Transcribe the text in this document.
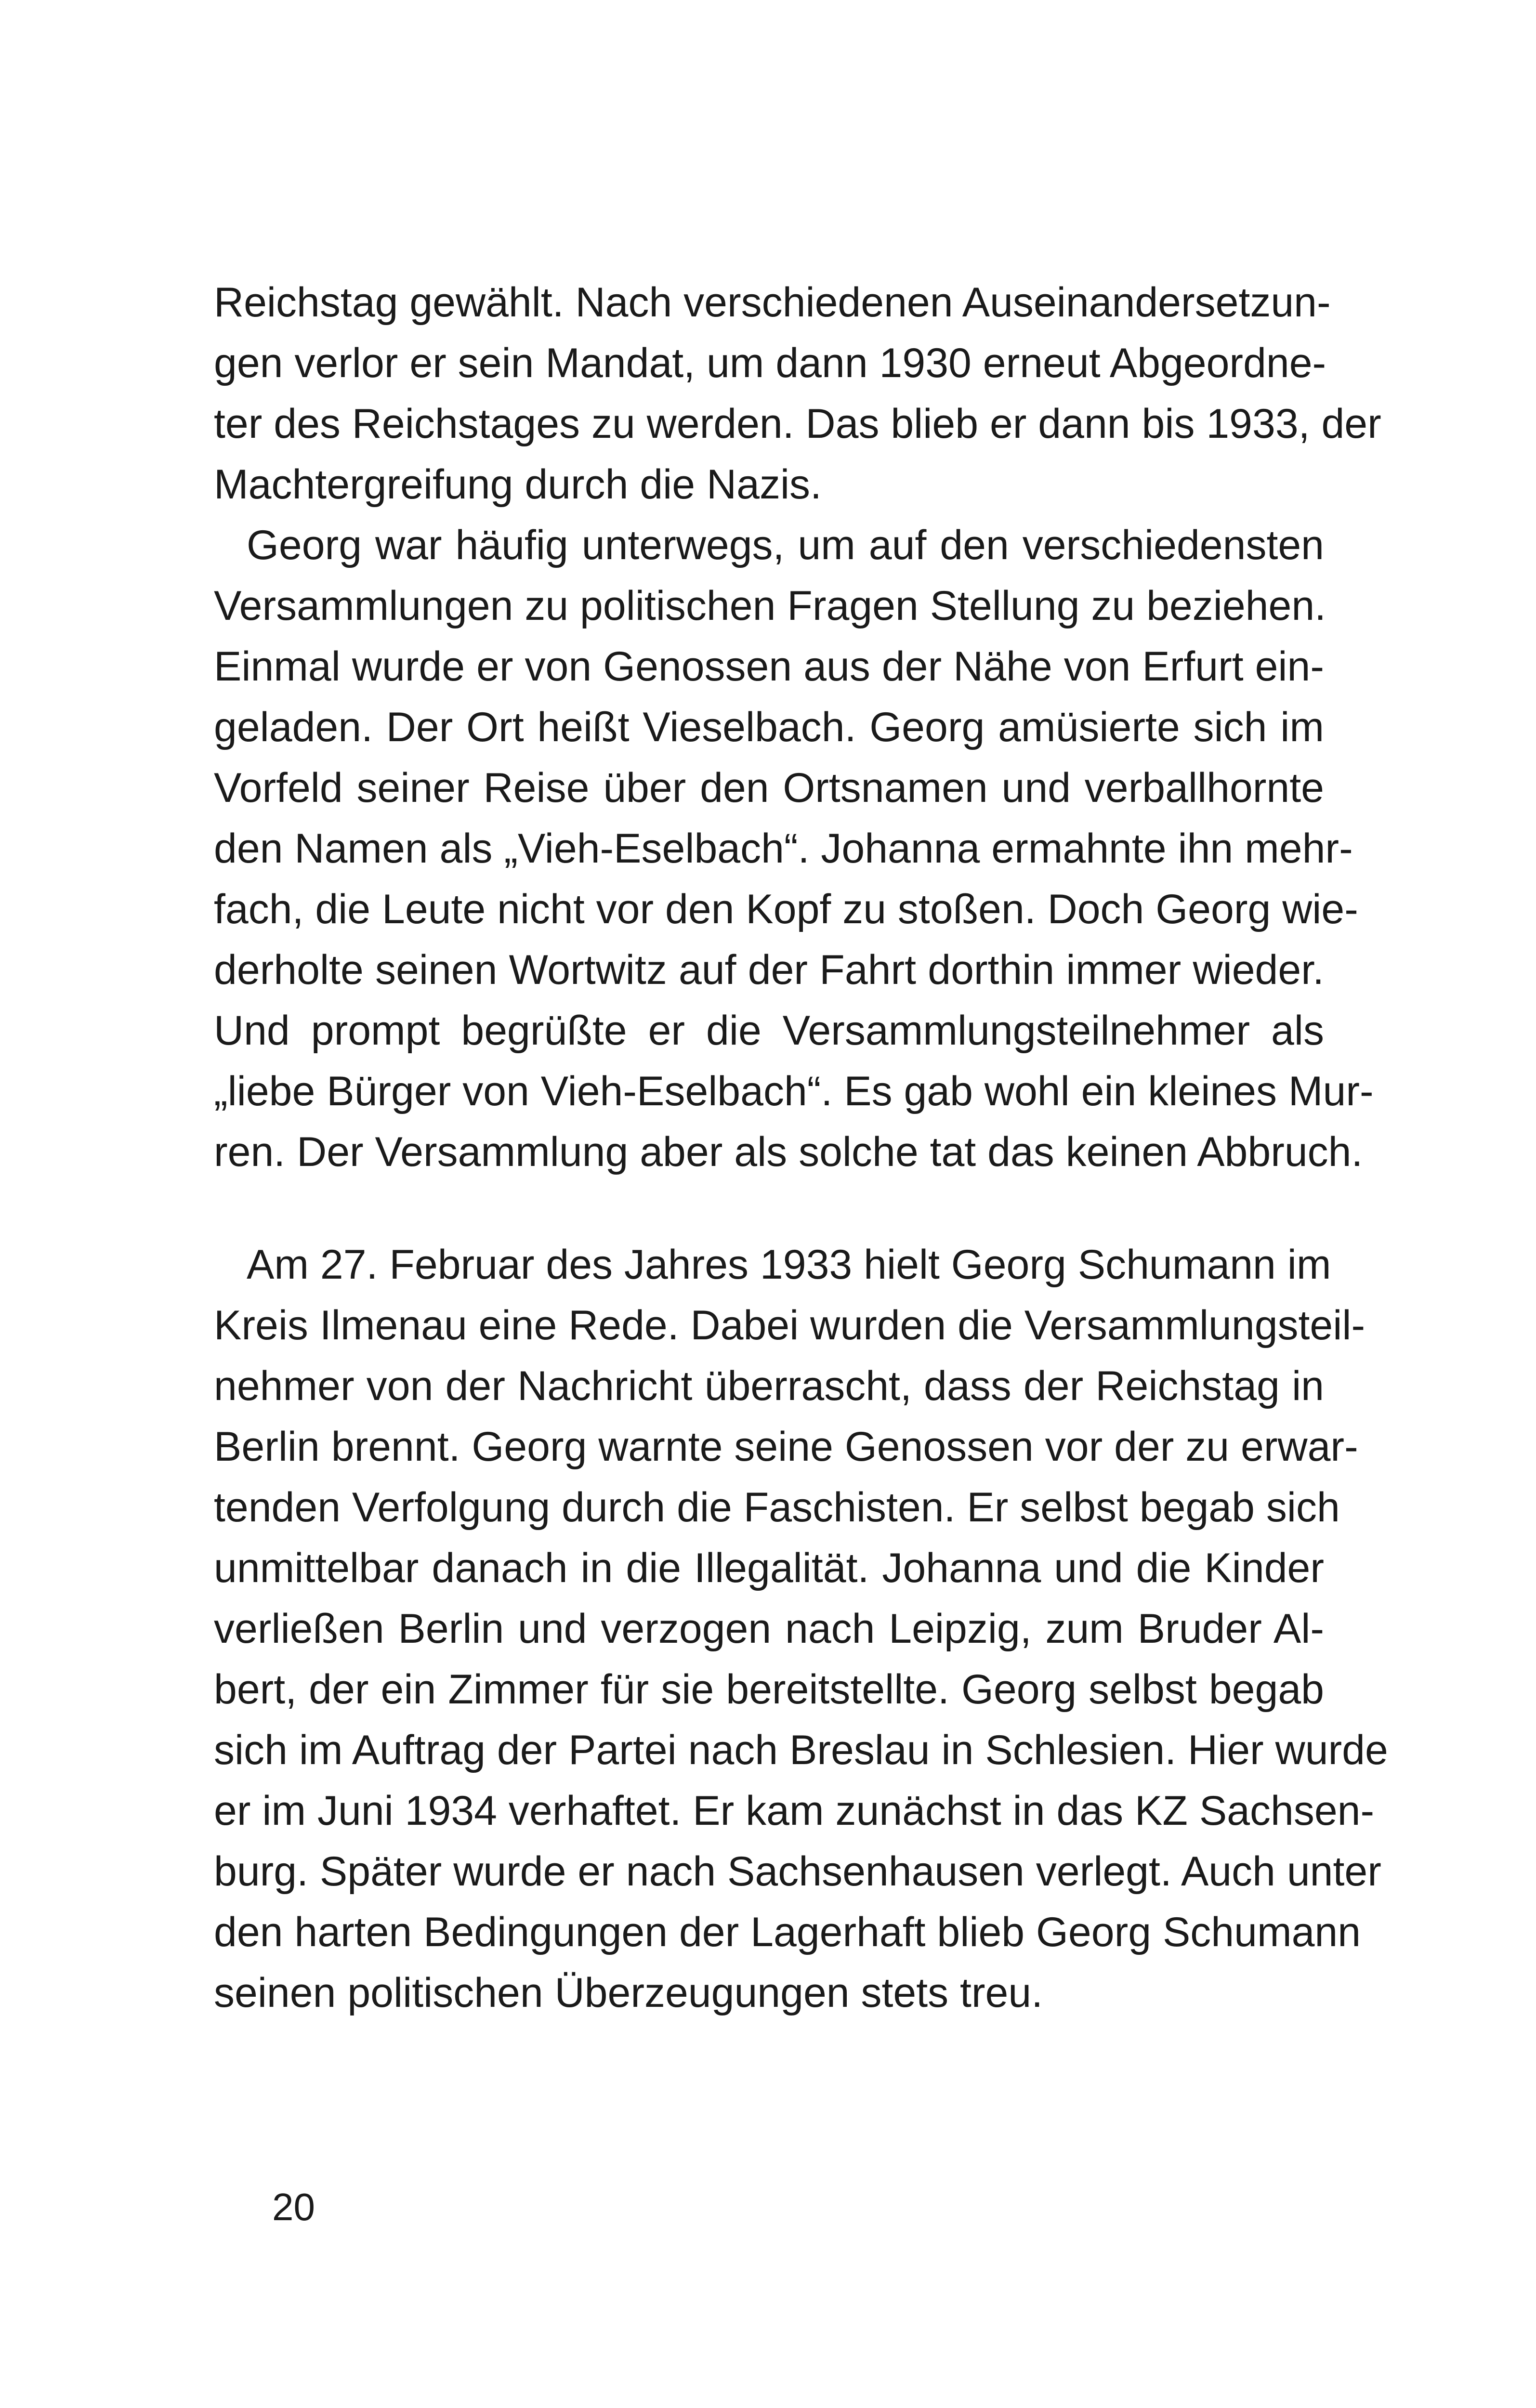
Reichstag gewählt. Nach verschiedenen Auseinandersetzun-
gen verlor er sein Mandat, um dann 1930 erneut Abgeordne-
ter des Reichstages zu werden. Das blieb er dann bis 1933, der
Machtergreifung durch die Nazis.
Georg war häufig unterwegs, um auf den verschiedensten
Versammlungen zu politischen Fragen Stellung zu beziehen.
Einmal wurde er von Genossen aus der Nähe von Erfurt ein-
geladen. Der Ort heißt Vieselbach. Georg amüsierte sich im
Vorfeld seiner Reise über den Ortsnamen und verballhornte
den Namen als „Vieh-Eselbach“. Johanna ermahnte ihn mehr-
fach, die Leute nicht vor den Kopf zu stoßen. Doch Georg wie-
derholte seinen Wortwitz auf der Fahrt dorthin immer wieder.
Und prompt begrüßte er die Versammlungsteilnehmer als
„liebe Bürger von Vieh-Eselbach“. Es gab wohl ein kleines Mur-
ren. Der Versammlung aber als solche tat das keinen Abbruch.
Am 27. Februar des Jahres 1933 hielt Georg Schumann im
Kreis Ilmenau eine Rede. Dabei wurden die Versammlungsteil-
nehmer von der Nachricht überrascht, dass der Reichstag in
Berlin brennt. Georg warnte seine Genossen vor der zu erwar-
tenden Verfolgung durch die Faschisten. Er selbst begab sich
unmittelbar danach in die Illegalität. Johanna und die Kinder
verließen Berlin und verzogen nach Leipzig, zum Bruder Al-
bert, der ein Zimmer für sie bereitstellte. Georg selbst begab
sich im Auftrag der Partei nach Breslau in Schlesien. Hier wurde
er im Juni 1934 verhaftet. Er kam zunächst in das KZ Sachsen-
burg. Später wurde er nach Sachsenhausen verlegt. Auch unter
den harten Bedingungen der Lagerhaft blieb Georg Schumann
seinen politischen Überzeugungen stets treu.
20
